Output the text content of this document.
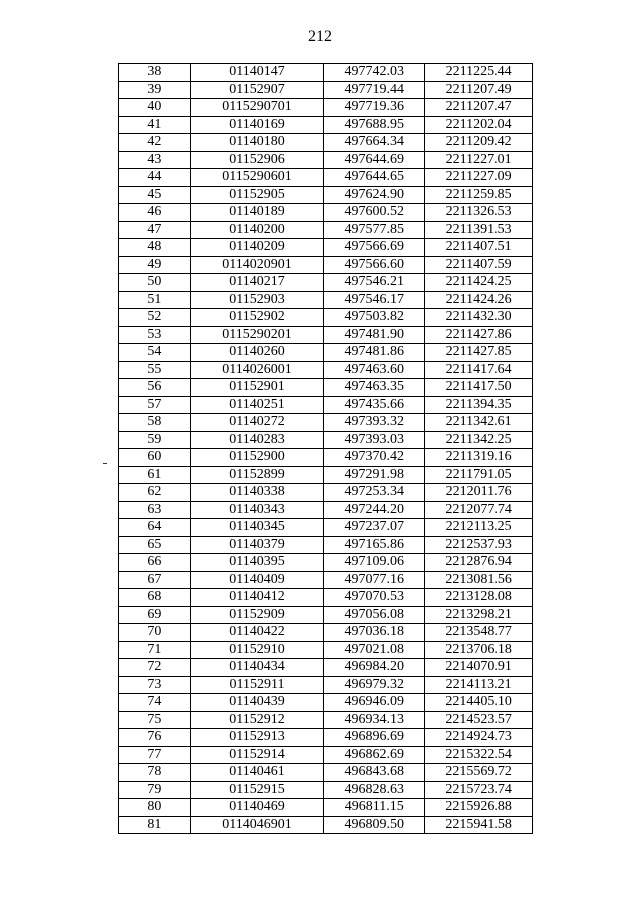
212
38	01140147	497742.03	2211225.44
39	01152907	497719.44	2211207.49
40	0115290701	497719.36	2211207.47
41	01140169	497688.95	2211202.04
42	01140180	497664.34	2211209.42
43	01152906	497644.69	2211227.01
44	0115290601	497644.65	2211227.09
45	01152905	497624.90	2211259.85
46	01140189	497600.52	2211326.53
47	01140200	497577.85	2211391.53
48	01140209	497566.69	2211407.51
49	0114020901	497566.60	2211407.59
50	01140217	497546.21	2211424.25
51	01152903	497546.17	2211424.26
52	01152902	497503.82	2211432.30
53	0115290201	497481.90	2211427.86
54	01140260	497481.86	2211427.85
55	0114026001	497463.60	2211417.64
56	01152901	497463.35	2211417.50
57	01140251	497435.66	2211394.35
58	01140272	497393.32	2211342.61
59	01140283	497393.03	2211342.25
60	01152900	497370.42	2211319.16
61	01152899	497291.98	2211791.05
62	01140338	497253.34	2212011.76
63	01140343	497244.20	2212077.74
64	01140345	497237.07	2212113.25
65	01140379	497165.86	2212537.93
66	01140395	497109.06	2212876.94
67	01140409	497077.16	2213081.56
68	01140412	497070.53	2213128.08
69	01152909	497056.08	2213298.21
70	01140422	497036.18	2213548.77
71	01152910	497021.08	2213706.18
72	01140434	496984.20	2214070.91
73	01152911	496979.32	2214113.21
74	01140439	496946.09	2214405.10
75	01152912	496934.13	2214523.57
76	01152913	496896.69	2214924.73
77	01152914	496862.69	2215322.54
78	01140461	496843.68	2215569.72
79	01152915	496828.63	2215723.74
80	01140469	496811.15	2215926.88
81	0114046901	496809.50	2215941.58
